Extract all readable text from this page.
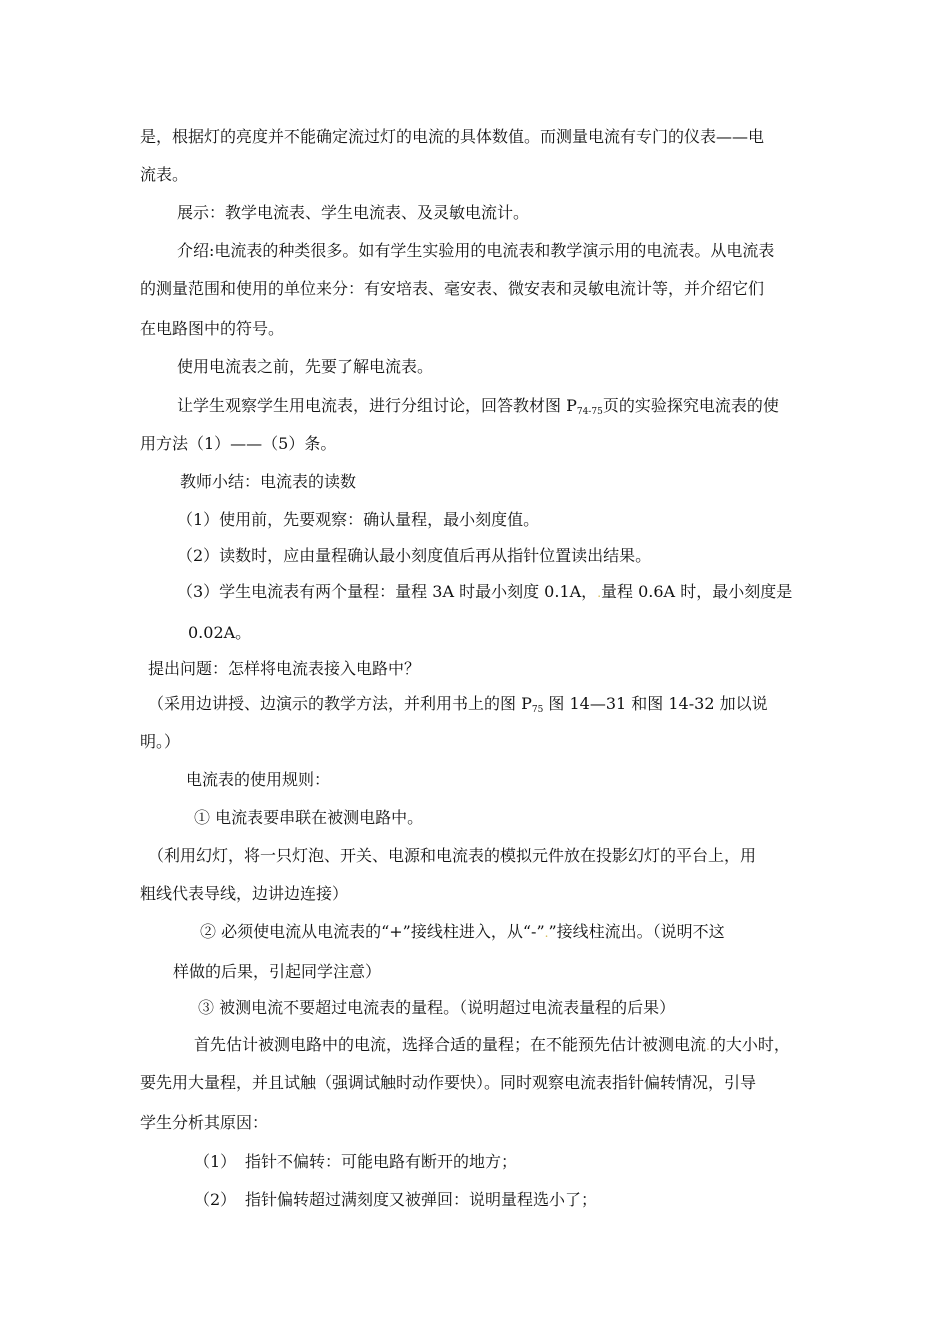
是，根据灯的亮度并不能确定流过灯的电流的具体数值。而测量电流有专门的仪表——电
流表。
展示：教学电流表、学生电流表、及灵敏电流计。
介绍:电流表的种类很多。如有学生实验用的电流表和教学演示用的电流表。从电流表
的测量范围和使用的单位来分：有安培表、毫安表、微安表和灵敏电流计等，并介绍它们
在电路图中的符号。
使用电流表之前，先要了解电流表。
让学生观察学生用电流表，进行分组讨论，回答教材图 $P_{74-75}$页的实验探究电流表的使
用方法（1）——（5）条。
教师小结：电流表的读数
（1）使用前，先要观察：确认量程，最小刻度值。
（2）读数时，应由量程确认最小刻度值后再从指针位置读出结果。
（3）学生电流表有两个量程：量程 3A 时最小刻度 0.1A，.量程 0.6A 时，最小刻度是
0.02A。
提出问题：怎样将电流表接入电路中？
（采用边讲授、边演示的教学方法，并利用书上的图 $P_{75}$ 图 14—31 和图 14-32 加以说
明。）
电流表的使用规则：
① 电流表要串联在被测电路中。
（利用幻灯，将一只灯泡、开关、电源和电流表的模拟元件放在投影幻灯的平台上，用
粗线代表导线，边讲边连接）
② 必须使电流从电流表的“+”接线柱进入，从“-”.”接线柱流出。（说明不这
样做的后果，引起同学注意）
③ 被测电流不要超过电流表的量程。（说明超过电流表量程的后果）
首先估计被测电路中的电流，选择合适的量程；在不能预先估计被测电流.的大小时，
要先用大量程，并且试触（强调试触时动作要快）。同时观察电流表指针偏转情况，引导
学生分析其原因：
（1） 指针不偏转：可能电路有断开的地方；
（2） 指针偏转超过满刻度又被弹回：说明量程选小了；
